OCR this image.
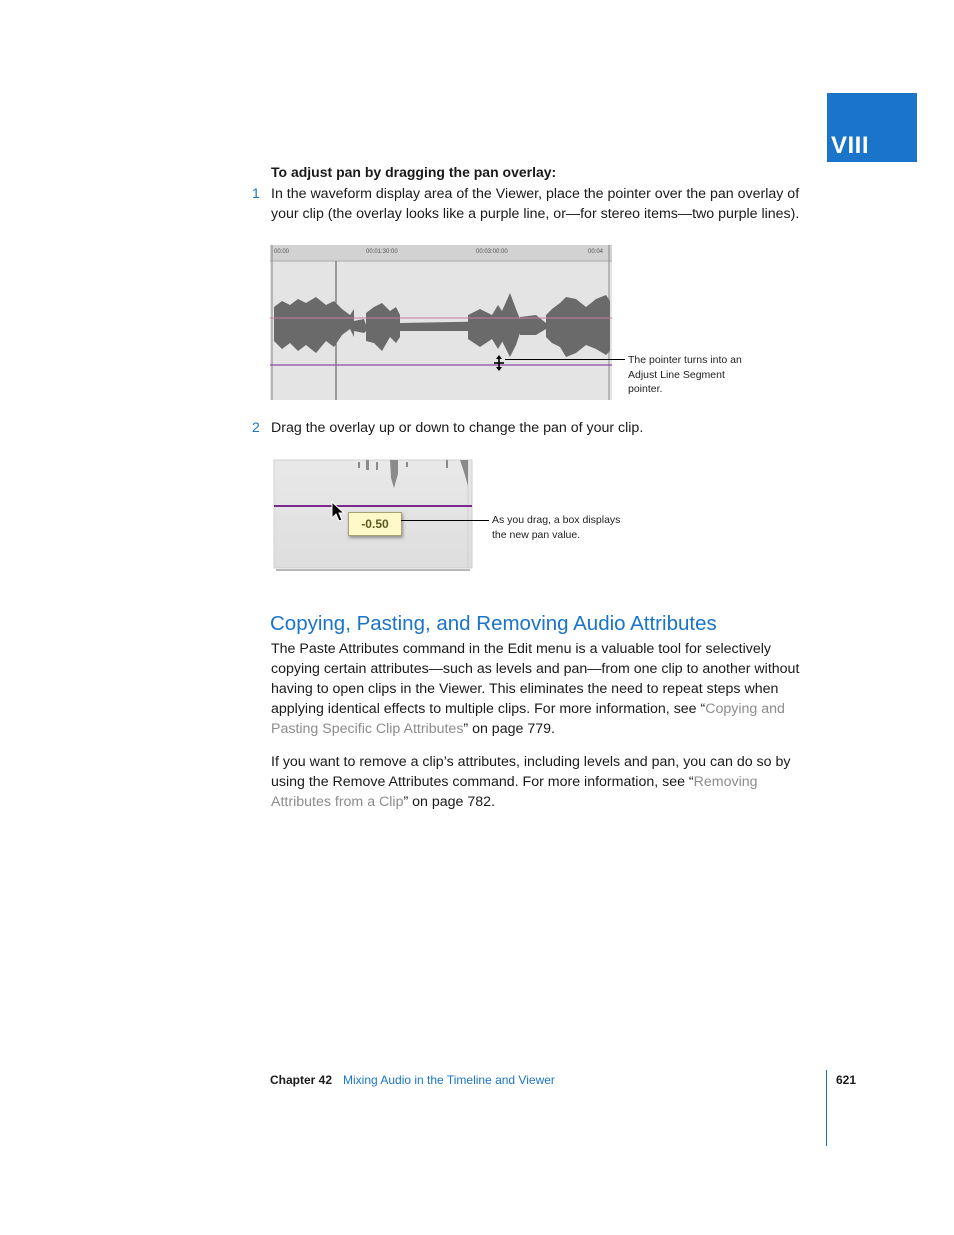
VIII
To adjust pan by dragging the pan overlay:
1 In the waveform display area of the Viewer, place the pointer over the pan overlay of
your clip (the overlay looks like a purple line, or—for stereo items—two purple lines).
00:00	00:01:30:00	00:03:00:00	00:04
The pointer turns into an
Adjust Line Segment
pointer.
2 Drag the overlay up or down to change the pan of your clip.
-0.50	As you drag, a box displays
the new pan value.
Copying, Pasting, and Removing Audio Attributes
The Paste Attributes command in the Edit menu is a valuable tool for selectively
copying certain attributes—such as levels and pan—from one clip to another without
having to open clips in the Viewer. This eliminates the need to repeat steps when
applying identical effects to multiple clips. For more information, see “Copying and
Pasting Specific Clip Attributes” on page 779.
If you want to remove a clip’s attributes, including levels and pan, you can do so by
using the Remove Attributes command. For more information, see “Removing
Attributes from a Clip” on page 782.
Chapter 42 Mixing Audio in the Timeline and Viewer	621
